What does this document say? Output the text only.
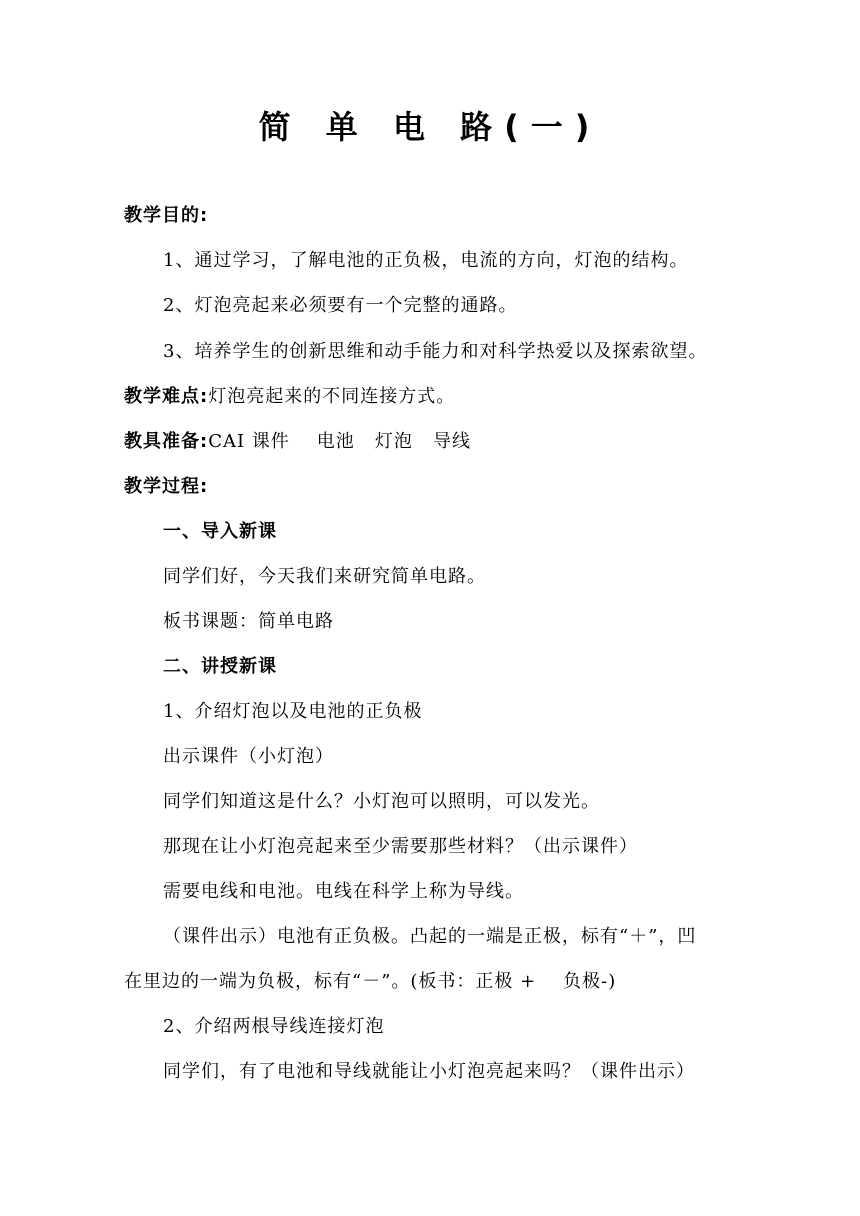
简 单 电 路(一)
教学目的:
1、通过学习，了解电池的正负极，电流的方向，灯泡的结构。
2、灯泡亮起来必须要有一个完整的通路。
3、培养学生的创新思维和动手能力和对科学热爱以及探索欲望。
教学难点:灯泡亮起来的不同连接方式。
教具准备:CAI 课件    电池   灯泡   导线
教学过程:
一、导入新课
同学们好，今天我们来研究简单电路。
板书课题：简单电路
二、讲授新课
1、介绍灯泡以及电池的正负极
出示课件（小灯泡）
同学们知道这是什么？小灯泡可以照明，可以发光。
那现在让小灯泡亮起来至少需要那些材料？（出示课件）
需要电线和电池。电线在科学上称为导线。
（课件出示）电池有正负极。凸起的一端是正极，标有“＋”，凹
在里边的一端为负极，标有“－”。(板书：正极 +    负极-)
2、介绍两根导线连接灯泡
同学们，有了电池和导线就能让小灯泡亮起来吗？（课件出示）
